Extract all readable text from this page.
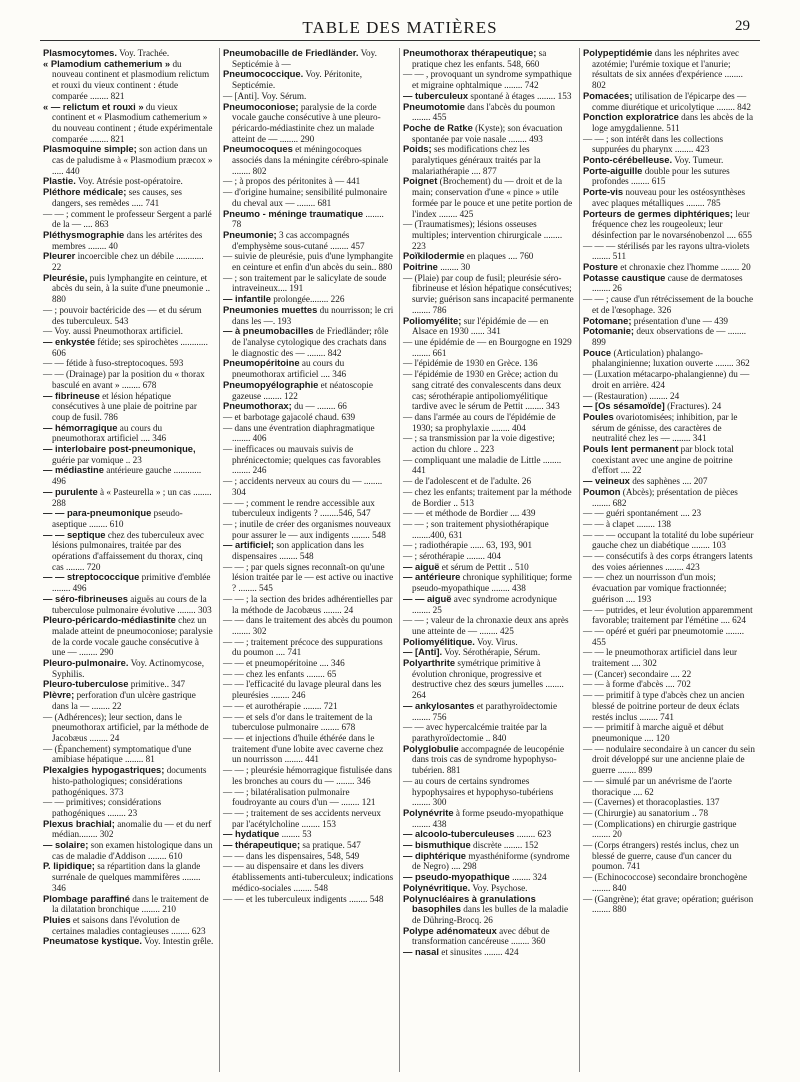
TABLE DES MATIÈRES	29

Plasmocytomes. Voy. Trachée.

« Plamodium cathemerium » du nouveau continent et plasmodium relictum et rouxi du vieux continent : étude comparée ........ 821

« — relictum et rouxi » du vieux continent et « Plasmodium cathemerium » du nouveau continent ; étude expérimentale comparée ........ 821

Plasmoquine simple; son action dans un cas de paludisme à « Plasmodium præcox » ..... 440

Plastie. Voy. Atrésie post-opératoire.

Pléthore médicale; ses causes, ses dangers, ses remèdes ..... 741

— — ; comment le professeur Sergent a parlé de la — .... 863

Pléthysmographie dans les artérites des membres ........ 40

Pleurer incoercible chez un débile ............ 22

Pleurésie, puis lymphangite en ceinture, et abcès du sein, à la suite d'une pneumonie .. 880

— ; pouvoir bactéricide des — et du sérum des tuberculeux. 543

— Voy. aussi Pneumothorax artificiel.

— enkystée fétide; ses spirochètes ............ 606

— — fétide à fuso-streptocoques. 593

— — (Drainage) par la position du « thorax basculé en avant » ........ 678

— fibrineuse et lésion hépatique consécutives à une plaie de poitrine par coup de fusil. 786

— hémorragique au cours du pneumothorax artificiel .... 346

— interlobaire post-pneumonique, guérie par vomique .. 23

— médiastine antérieure gauche ............ 496

— purulente à « Pasteurella » ; un cas ........ 288

— — para-pneumonique pseudo-aseptique ........ 610

— — septique chez des tuberculeux avec lésions pulmonaires, traitée par des opérations d'affaissement du thorax, cinq cas ........ 720

— — streptococcique primitive d'emblée ........ 496

— séro-fibrineuses aiguës au cours de la tuberculose pulmonaire évolutive ........ 303

Pleuro-péricardo-médiastinite chez un malade atteint de pneumoconiose; paralysie de la corde vocale gauche consécutive à une — ........ 290

Pleuro-pulmonaire. Voy. Actinomycose, Syphilis.

Pleuro-tuberculose primitive.. 347

Plèvre; perforation d'un ulcère gastrique dans la — ........ 22

— (Adhérences); leur section, dans le pneumothorax artificiel, par la méthode de Jacobæus ........ 24

— (Épanchement) symptomatique d'une amibiase hépatique ........ 81

Plexalgies hypogastriques; documents histo-pathologiques; considérations pathogéniques. 373

— — primitives; considérations pathogéniques ........ 23

Plexus brachial; anomalie du — et du nerf médian........ 302

— solaire; son examen histologique dans un cas de maladie d'Addison ........ 610

P. lipidique; sa répartition dans la glande surrénale de quelques mammifères ........ 346

Plombage paraffiné dans le traitement de la dilatation bronchique ........ 210

Pluies et saisons dans l'évolution de certaines maladies contagieuses ........ 623

Pneumatose kystique. Voy. Intestin grêle.

Pneumobacille de Friedländer. Voy. Septicémie à —

Pneumococcique. Voy. Péritonite, Septicémie.

— [Anti]. Voy. Sérum.

Pneumoconiose; paralysie de la corde vocale gauche consécutive à une pleuro-péricardo-médiastinite chez un malade atteint de — ........ 290

Pneumocoques et méningocoques associés dans la méningite cérébro-spinale ........ 802

— ; à propos des péritonites à — 441

— d'origine humaine; sensibilité pulmonaire du cheval aux — ........ 681

Pneumo - méninge traumatique ........ 78

Pneumonie; 3 cas accompagnés d'emphysème sous-cutané ........ 457

— suivie de pleurésie, puis d'une lymphangite en ceinture et enfin d'un abcès du sein.. 880

— ; son traitement par le salicylate de soude intraveineux.... 191

— infantile prolongée........ 226

Pneumonies muettes du nourrisson; le cri dans les —. 193

— à pneumobacilles de Friedländer; rôle de l'analyse cytologique des crachats dans le diagnostic des — ........ 842

Pneumopéritoine au cours du pneumothorax artificiel .... 346

Pneumopyélographie et néatoscopie gazeuse ........ 122

Pneumothorax; du — ........ 66

— et barbotage gajacolé chaud. 639

— dans une éventration diaphragmatique ........ 406

— inefficaces ou mauvais suivis de phrénicectomie; quelques cas favorables ........ 246

— ; accidents nerveux au cours du — ........ 304

— — ; comment le rendre accessible aux tuberculeux indigents ? ........546, 547

— ; inutile de créer des organismes nouveaux pour assurer le — aux indigents ........ 548

— artificiel; son application dans les dispensaires ........ 548

— — ; par quels signes reconnaît-on qu'une lésion traitée par le — est active ou inactive ? ........ 545

— — ; la section des brides adhérentielles par la méthode de Jacobæus ........ 24

— — dans le traitement des abcès du poumon ........ 302

— — ; traitement précoce des suppurations du poumon .... 741

— — et pneumopéritoine .... 346

— — chez les enfants ........ 65

— — l'efficacité du lavage pleural dans les pleurésies ........ 246

— — et aurothérapie ........ 721

— — et sels d'or dans le traitement de la tuberculose pulmonaire ........ 678

— — et injections d'huile éthérée dans le traitement d'une lobite avec caverne chez un nourrisson ........ 441

— — ; pleurésie hémorragique fistulisée dans les bronches au cours du — ........ 346

— — ; bilatéralisation pulmonaire foudroyante au cours d'un — ........ 121

— — ; traitement de ses accidents nerveux par l'acétylcholine ........ 153

— hydatique ........ 53

— thérapeutique; sa pratique. 547

— — dans les dispensaires, 548, 549

— — au dispensaire et dans les divers établissements anti-tuberculeux; indications médico-sociales ........ 548

— — et les tuberculeux indigents ........ 548

Pneumothorax thérapeutique; sa pratique chez les enfants. 548, 660

— — , provoquant un syndrome sympathique et migraine ophtalmique ........ 742

— tuberculeux spontané à étages ........ 153

Pneumotomie dans l'abcès du poumon ........ 455

Poche de Ratke (Kyste); son évacuation spontanée par voie nasale ........ 493

Poids; ses modifications chez les paralytiques généraux traités par la malariathérapie .... 877

Poignet (Brochement) du — droit et de la main; conservation d'une « pince » utile formée par le pouce et une petite portion de l'index ........ 425

— (Traumatismes); lésions osseuses multiples; intervention chirurgicale ........ 223

Poïkilodermie en plaques .... 760

Poitrine ........ 30

— (Plaie) par coup de fusil; pleurésie séro-fibrineuse et lésion hépatique consécutives; survie; guérison sans incapacité permanente ........ 786

Poliomyélite; sur l'épidémie de — en Alsace en 1930 ...... 341

— une épidémie de — en Bourgogne en 1929 ........ 661

— l'épidémie de 1930 en Grèce. 136

— l'épidémie de 1930 en Grèce; action du sang citraté des convalescents dans deux cas; sérothérapie antipoliomyélitique tardive avec le sérum de Pettit ........ 343

— dans l'armée au cours de l'épidémie de 1930; sa prophylaxie ........ 404

— ; sa transmission par la voie digestive; action du chlore .. 223

— compliquant une maladie de Little ........ 441

— de l'adolescent et de l'adulte. 26

— chez les enfants; traitement par la méthode de Bordier .. 513

— — et méthode de Bordier .... 439

— — ; son traitement physiothérapique ........400, 631

— ; radiothérapie ...... 63, 193, 901

— ; sérothérapie ........ 404

— aiguë et sérum de Pettit .. 510

— antérieure chronique syphilitique; forme pseudo-myopathique ........ 438

— — aiguë avec syndrome acrodynique ........ 25

— — ; valeur de la chronaxie deux ans après une atteinte de — ........ 425

Poliomyélitique. Voy. Virus.

— [Anti]. Voy. Sérothérapie, Sérum.

Polyarthrite symétrique primitive à évolution chronique, progressive et destructive chez des sœurs jumelles ........ 264

— ankylosantes et parathyroïdectomie ........ 756

— — avec hypercalcémie traitée par la parathyroïdectomie .. 840

Polyglobulie accompagnée de leucopénie dans trois cas de syndrome hypophyso-tubérien. 881

— au cours de certains syndromes hypophysaires et hypophyso-tubériens ........ 300

Polynévrite à forme pseudo-myopathique ........ 438

— alcoolo-tuberculeuses ........ 623

— bismuthique discrète ........ 152

— diphtérique myasthéniforme (syndrome de Negro) .... 298

— pseudo-myopathique ........ 324

Polynévritique. Voy. Psychose.

Polynucléaires à granulations basophiles dans les bulles de la maladie de Dühring-Brocq. 26

Polype adénomateux avec début de transformation cancéreuse ........ 360

— nasal et sinusites ........ 424

Polypeptidémie dans les néphrites avec azotémie; l'urémie toxique et l'anurie; résultats de six années d'expérience ........ 802

Pomacées; utilisation de l'épicarpe des — comme diurétique et uricolytique ........ 842

Ponction exploratrice dans les abcès de la loge amygdalienne. 511

— — ; son intérêt dans les collections suppurées du pharynx ........ 423

Ponto-cérébelleuse. Voy. Tumeur.

Porte-aiguille double pour les sutures profondes ........ 615

Porte-vis nouveau pour les ostéosynthèses avec plaques métalliques ........ 785

Porteurs de germes diphtériques; leur fréquence chez les rougeoleux; leur désinfection par le novarsénobenzol .... 655

— — — stérilisés par les rayons ultra-violets ........ 511

Posture et chronaxie chez l'homme ........ 20

Potasse caustique cause de dermatoses ........ 26

— — ; cause d'un rétrécissement de la bouche et de l'œsophage. 326

Potomane; présentation d'une — 439

Potomanie; deux observations de — ........ 899

Pouce (Articulation) phalango-phalanginienne; luxation ouverte ........ 362

— (Luxation métacarpo-phalangienne) du — droit en arrière. 424

— (Restauration) ........ 24

— [Os sésamoïde] (Fractures). 24

Poules ovariotomisées; inhibition, par le sérum de génisse, des caractères de neutralité chez les — ........ 341

Pouls lent permanent par block total coexistant avec une angine de poitrine d'effort .... 22

— veineux des saphènes .... 207

Poumon (Abcès); présentation de pièces ........ 682

— — guéri spontanément .... 23

— — à clapet ........ 138

— — — occupant la totalité du lobe supérieur gauche chez un diabétique ........ 103

— — consécutifs à des corps étrangers latents des voies aériennes ........ 423

— — chez un nourrisson d'un mois; évacuation par vomique fractionnée; guérison .... 193

— — putrides, et leur évolution apparemment favorable; traitement par l'émétine .... 624

— — opéré et guéri par pneumotomie ........ 455

— — le pneumothorax artificiel dans leur traitement .... 302

— (Cancer) secondaire .... 22

— — à forme d'abcès .... 702

— — primitif à type d'abcès chez un ancien blessé de poitrine porteur de deux éclats restés inclus ........ 741

— — primitif à marche aiguë et début pneumonique .... 120

— — nodulaire secondaire à un cancer du sein droit développé sur une ancienne plaie de guerre ........ 899

— — simulé par un anévrisme de l'aorte thoracique .... 62

— (Cavernes) et thoracoplasties. 137

— (Chirurgie) au sanatorium .. 78

— (Complications) en chirurgie gastrique ........ 20

— (Corps étrangers) restés inclus, chez un blessé de guerre, cause d'un cancer du poumon. 741

— (Echinococcose) secondaire bronchogène ........ 840

— (Gangrène); état grave; opération; guérison ........ 880
